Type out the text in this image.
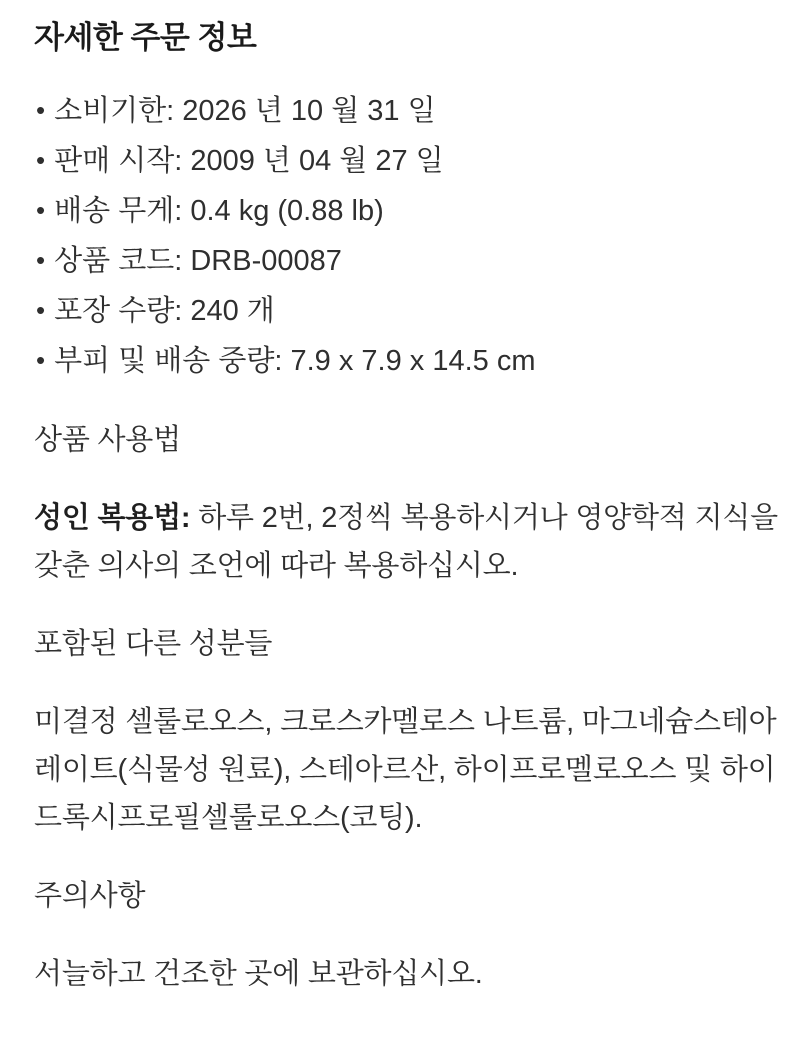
자세한 주문 정보
• 소비기한: 2026 년 10 월 31 일
• 판매 시작: 2009 년 04 월 27 일
• 배송 무게: 0.4 kg (0.88 lb)
• 상품 코드: DRB-00087
• 포장 수량: 240 개
• 부피 및 배송 중량: 7.9 x 7.9 x 14.5 cm

상품 사용법

성인 복용법: 하루 2번, 2정씩 복용하시거나 영양학적 지식을 갖춘 의사의 조언에 따라 복용하십시오.

포함된 다른 성분들

미결정 셀룰로오스, 크로스카멜로스 나트륨, 마그네슘스테아레이트(식물성 원료), 스테아르산, 하이프로멜로오스 및 하이드록시프로필셀룰로오스(코팅).

주의사항

서늘하고 건조한 곳에 보관하십시오.
